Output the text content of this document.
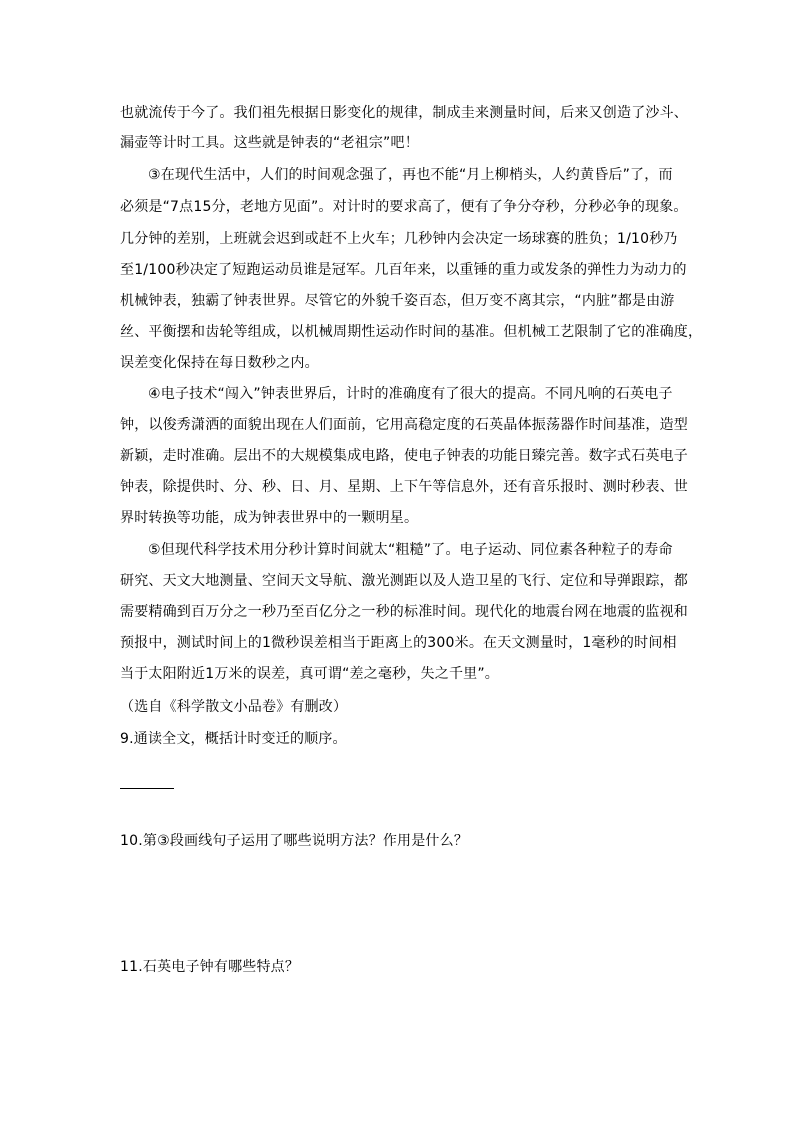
也就流传于今了。我们祖先根据日影变化的规律，制成圭来测量时间，后来又创造了沙斗、
漏壶等计时工具。这些就是钟表的“老祖宗”吧！
③在现代生活中，人们的时间观念强了，再也不能“月上柳梢头，人约黄昏后”了，而
必须是“7点15分，老地方见面”。对计时的要求高了，便有了争分夺秒，分秒必争的现象。
几分钟的差别，上班就会迟到或赶不上火车；几秒钟内会决定一场球赛的胜负；1/10秒乃
至1/100秒决定了短跑运动员谁是冠军。几百年来，以重锤的重力或发条的弹性力为动力的
机械钟表，独霸了钟表世界。尽管它的外貌千姿百态，但万变不离其宗，“内脏”都是由游
丝、平衡摆和齿轮等组成，以机械周期性运动作时间的基准。但机械工艺限制了它的准确度，
误差变化保持在每日数秒之内。
④电子技术“闯入”钟表世界后，计时的准确度有了很大的提高。不同凡响的石英电子
钟，以俊秀潇洒的面貌出现在人们面前，它用高稳定度的石英晶体振荡器作时间基准，造型
新颖，走时准确。层出不的大规模集成电路，使电子钟表的功能日臻完善。数字式石英电子
钟表，除提供时、分、秒、日、月、星期、上下午等信息外，还有音乐报时、测时秒表、世
界时转换等功能，成为钟表世界中的一颗明星。
⑤但现代科学技术用分秒计算时间就太“粗糙”了。电子运动、同位素各种粒子的寿命
研究、天文大地测量、空间天文导航、激光测距以及人造卫星的飞行、定位和导弹跟踪，都
需要精确到百万分之一秒乃至百亿分之一秒的标准时间。现代化的地震台网在地震的监视和
预报中，测试时间上的1微秒误差相当于距离上的300米。在天文测量时，1毫秒的时间相
当于太阳附近1万米的误差，真可谓“差之毫秒，失之千里”。
（选自《科学散文小品卷》有删改）
9.通读全文，概括计时变迁的顺序。
10.第③段画线句子运用了哪些说明方法？作用是什么？
11.石英电子钟有哪些特点？
